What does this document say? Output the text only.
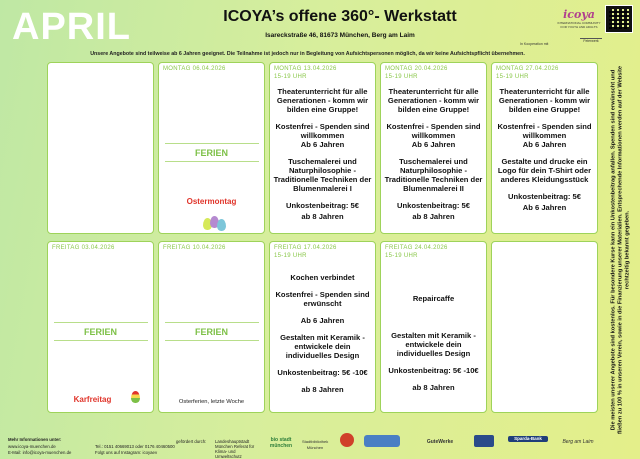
APRIL	ICOYA’s offene 360°- Werkstatt
Isareckstraße 46, 81673 München, Berg am Laim
icoya
INTERNATIONAL COMMUNITY FOR YOUTH AND ADULTS
In Kooperation mit
Feierwerk
Unsere Angebote sind teilweise ab 6 Jahren geeignet. Die Teilnahme ist jedoch nur in Begleitung von Aufsichtspersonen möglich, da wir keine Aufsichtspflicht übernehmen.
MONTAG 06.04.2026
FERIEN
Ostermontag
MONTAG 13.04.2026
15-19 UHR

Theaterunterricht für alle Generationen - komm wir bilden eine Gruppe!

Kostenfrei - Spenden sind willkommen

Ab 6 Jahren

Tuschemalerei und Naturphilosophie - Traditionelle Techniken der Blumenmalerei I

Unkostenbeitrag: 5€
ab 8 Jahren
MONTAG 20.04.2026
15-19 UHR

Theaterunterricht für alle Generationen - komm wir bilden eine Gruppe!

Kostenfrei - Spenden sind willkommen

Ab 6 Jahren

Tuschemalerei und Naturphilosophie - Traditionelle Techniken der Blumenmalerei II

Unkostenbeitrag: 5€
ab 8 Jahren
MONTAG 27.04.2026
15-19 UHR

Theaterunterricht für alle Generationen - komm wir bilden eine Gruppe!

Kostenfrei - Spenden sind willkommen

Ab 6 Jahren

Gestalte und drucke ein Logo für dein T-Shirt oder anderes Kleidungsstück

Unkostenbeitrag: 5€
Ab 6 Jahren
FREITAG 03.04.2026
FERIEN
Karfreitag
FREITAG 10.04.2026
FERIEN
Osterferien, letzte Woche
FREITAG 17.04.2026
15-19 UHR

Kochen verbindet

Kostenfrei - Spenden sind erwünscht

Ab 6 Jahren

Gestalten mit Keramik - entwickele dein individuelles Design

Unkostenbeitrag: 5€ -10€

ab 8 Jahren
FREITAG 24.04.2026
15-19 UHR

Repaircaffe

Gestalten mit Keramik - entwickele dein individuelles Design

Unkostenbeitrag: 5€ -10€

ab 8 Jahren	Die meisten unserer Angebote sind kostenlos. Für besondere Kurse kann ein Unkostenbeitrag anfallen. Spenden sind erwünscht und fließen zu 100 % in unseren Verein, sowie in die Finanzierung unserer Materialien. Entsprechende Informationen werden auf der Website rechtzeitig bekannt gegeben.
Mehr Informationen unter:
www.icoya-muenchen.de
E-Mail: info@icoya-muenchen.de
Tel.: 0151 40669013 oder 0176 40460500
Folgt uns auf Instagram: icoyaev
gefördert durch: Landeshauptstadt München Referat für Klima- und Umweltschutz
bio stadt münchen
Stadtbibliothek München
GuteWerke
Sparda-Bank
Berg am Laim
